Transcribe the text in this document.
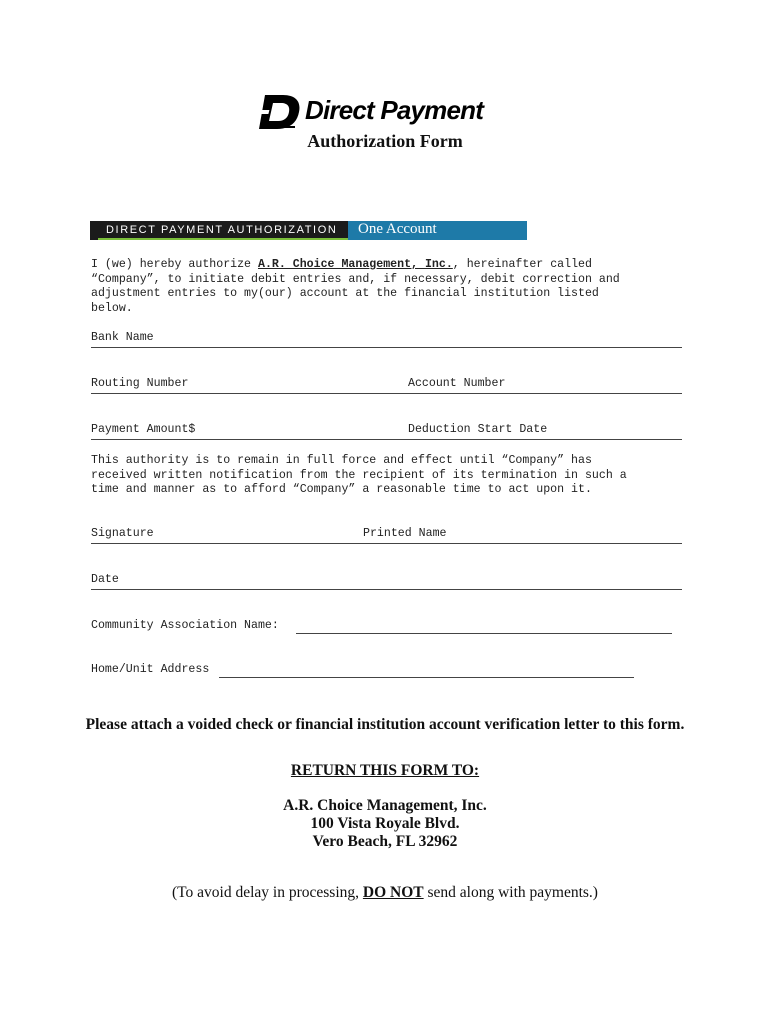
Direct Payment
Authorization Form
DIRECT PAYMENT AUTHORIZATION One Account
I (we) hereby authorize A.R. Choice Management, Inc., hereinafter called
“Company”, to initiate debit entries and, if necessary, debit correction and
adjustment entries to my(our) account at the financial institution listed
below.
Bank Name
Routing Number	Account Number
Payment Amount$	Deduction Start Date
This authority is to remain in full force and effect until “Company” has
received written notification from the recipient of its termination in such a
time and manner as to afford “Company” a reasonable time to act upon it.
Signature	Printed Name
Date
Community Association Name:
Home/Unit Address
Please attach a voided check or financial institution account verification letter to this form.
RETURN THIS FORM TO:
A.R. Choice Management, Inc.
100 Vista Royale Blvd.
Vero Beach, FL 32962
(To avoid delay in processing, DO NOT send along with payments.)
